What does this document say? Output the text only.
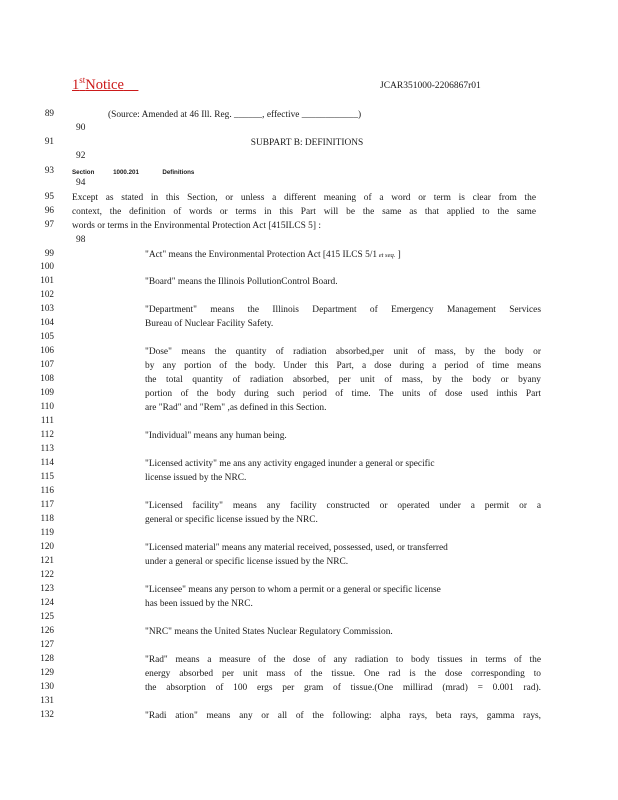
1stNotice	JCAR351000-2206867r01
93	Section	1000.201	Definitions
89	(Source: Amended at 46 Ill. Reg. ______, effective ____________)
90
91	SUBPART B: DEFINITIONS
92
94
95 Except as stated in this Section, or unless a different meaning of a word or term is clear from the
96 context, the definition of words or terms in this Part will be the same as that applied to the same
97 words or terms in the Environmental Protection Act [415ILCS 5] :
98
99	"Act" means the Environmental Protection Act [415 ILCS 5/1 et seq. ]
100
101	"Board" means the Illinois PollutionControl Board.
102
103	"Department" means the Illinois Department of Emergency Management Services
104	Bureau of Nuclear Facility Safety.
105
106	"Dose" means the quantity of radiation absorbed,per unit of mass, by the body or
107	by any portion of the body. Under this Part, a dose during a period of time means
108	the total quantity of radiation absorbed, per unit of mass, by the body or byany
109	portion of the body during such period of time. The units of dose used inthis Part
110	are "Rad" and "Rem" ,as defined in this Section.
111
112	"Individual" means any human being.
113
114	"Licensed activity" me ans any activity engaged inunder a general or specific
115	license issued by the NRC.
116
117	"Licensed facility" means any facility constructed or operated under a permit or a
118	general or specific license issued by the NRC.
119
120	"Licensed material" means any material received, possessed, used, or transferred
121	under a general or specific license issued by the NRC.
122
123	"Licensee" means any person to whom a permit or a general or specific license
124	has been issued by the NRC.
125
126	"NRC" means the United States Nuclear Regulatory Commission.
127
128	"Rad" means a measure of the dose of any radiation to body tissues in terms of the
129	energy absorbed per unit mass of the tissue. One rad is the dose corresponding to
130	the absorption of 100 ergs per gram of tissue.(One millirad (mrad) = 0.001 rad).
131
132	"Radi ation" means any or all of the following: alpha rays, beta rays, gamma rays,
